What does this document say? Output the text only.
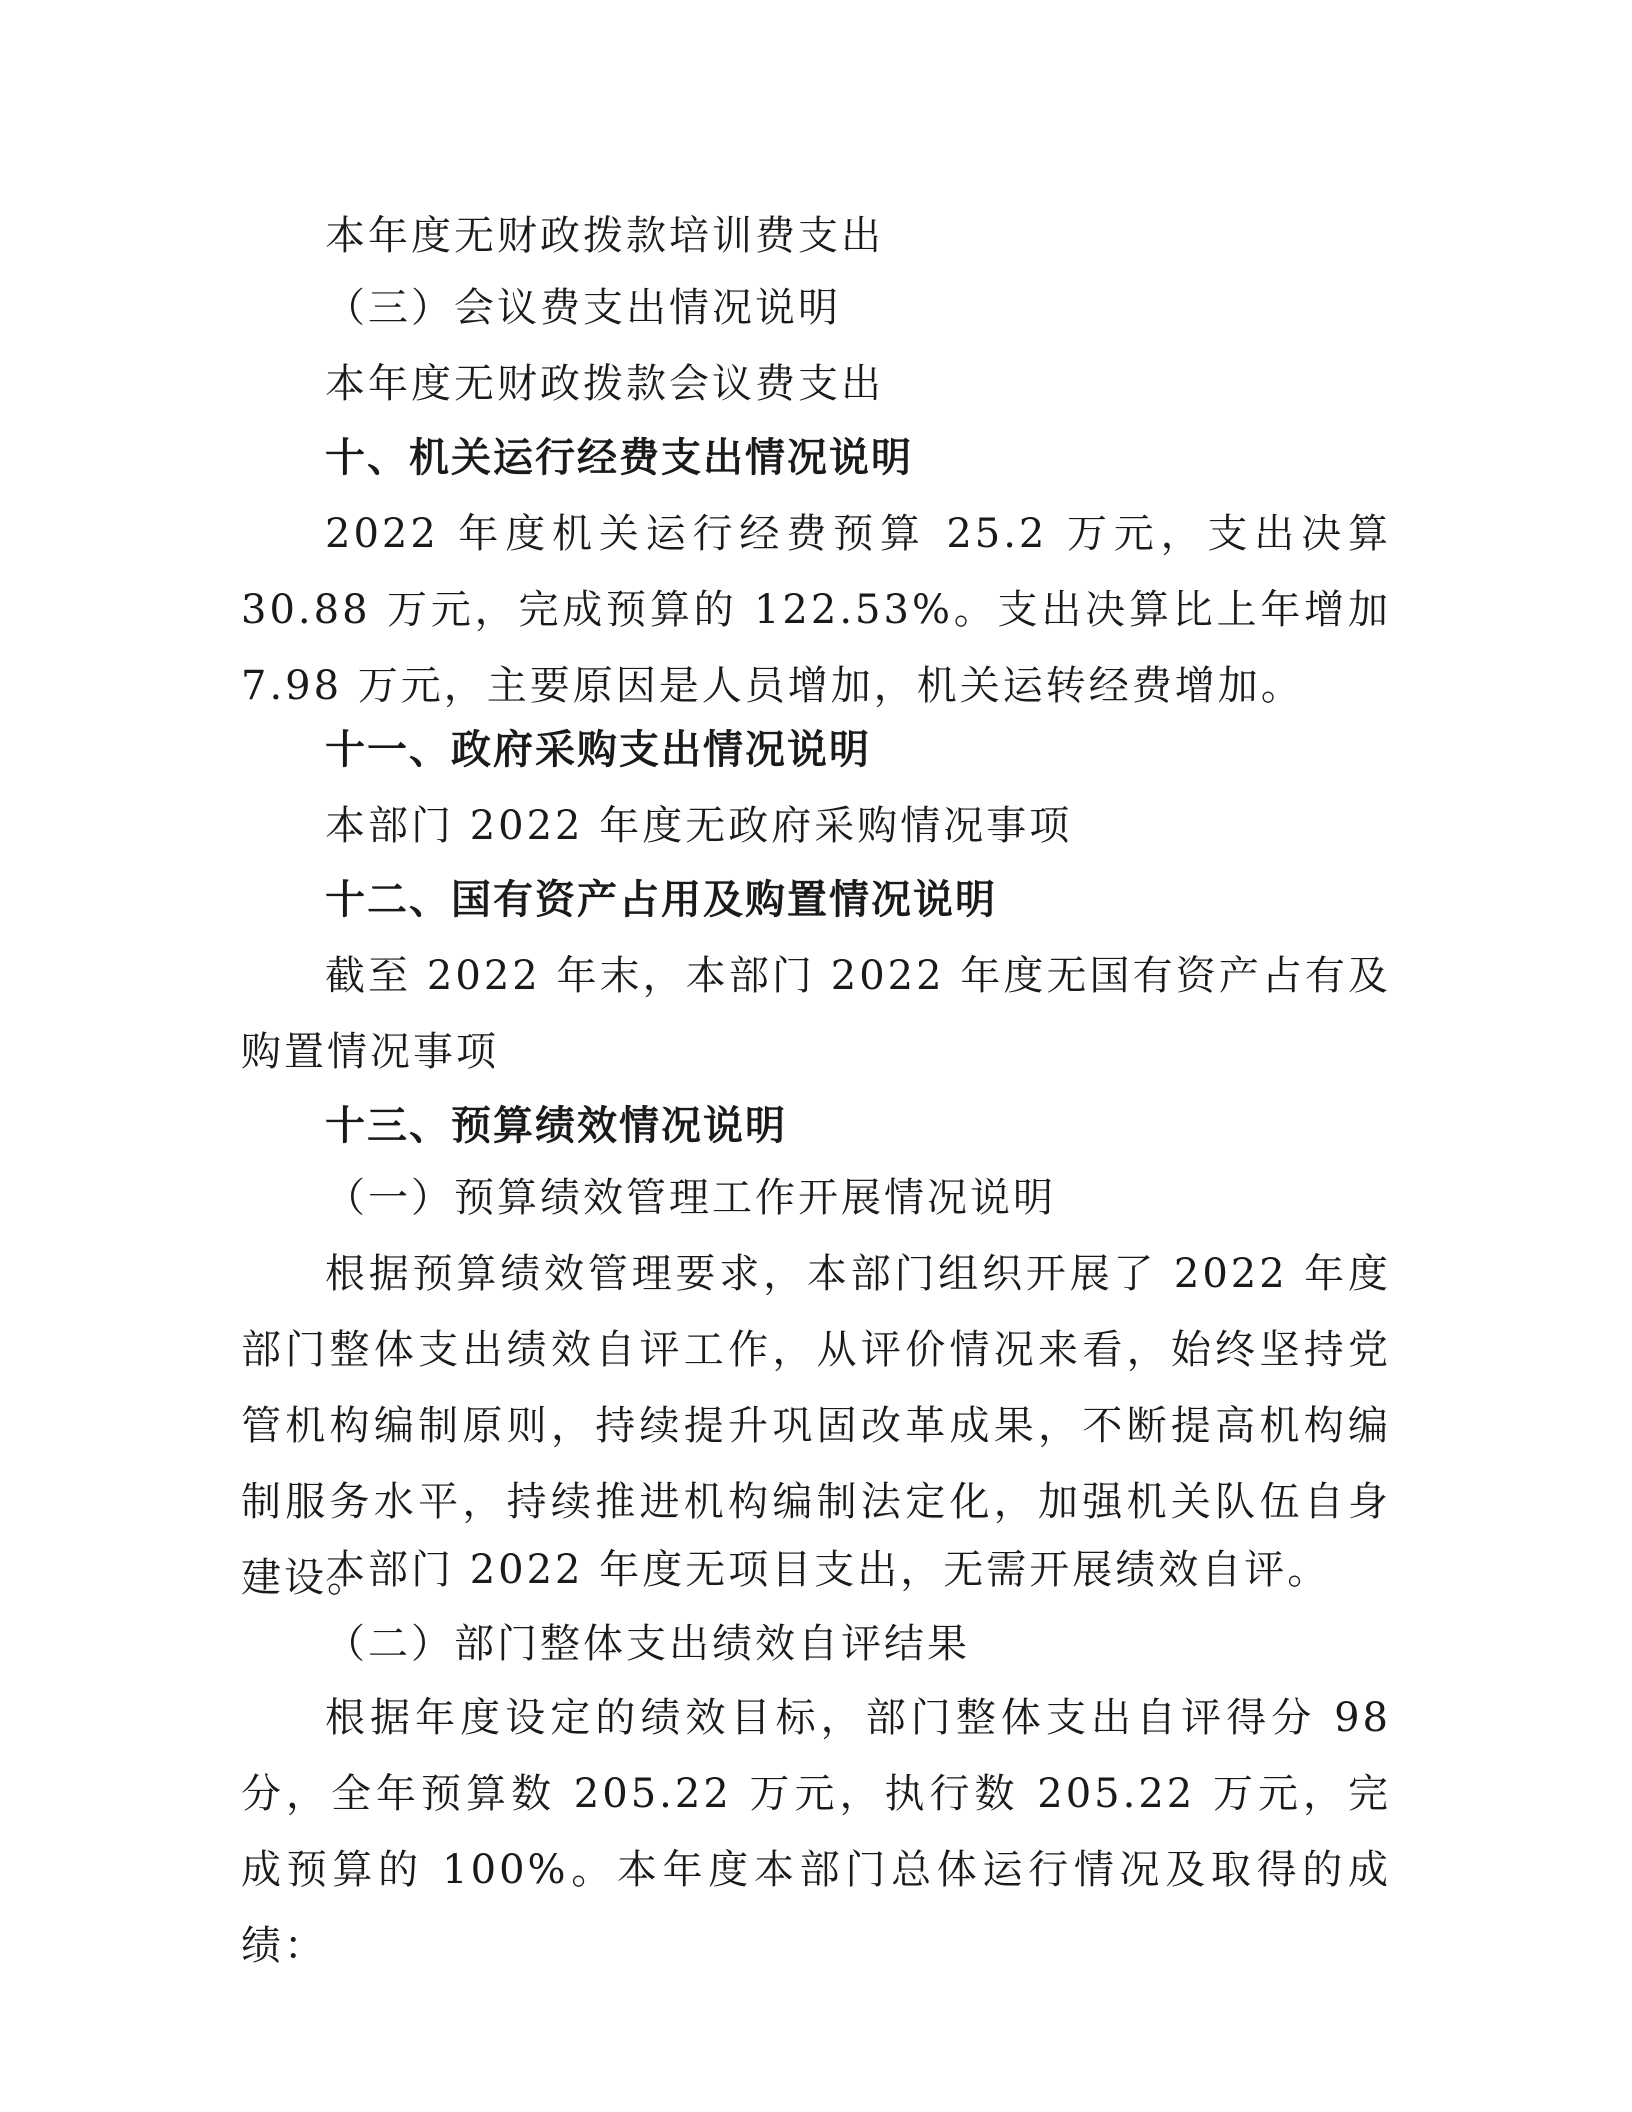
本年度无财政拨款培训费支出
（三）会议费支出情况说明
本年度无财政拨款会议费支出
十、机关运行经费支出情况说明
2022 年度机关运行经费预算 25.2 万元，支出决算 30.88 万元，完成预算的 122.53%。支出决算比上年增加 7.98 万元，主要原因是人员增加，机关运转经费增加。
十一、政府采购支出情况说明
本部门 2022 年度无政府采购情况事项
十二、国有资产占用及购置情况说明
截至 2022 年末，本部门 2022 年度无国有资产占有及购置情况事项
十三、预算绩效情况说明
（一）预算绩效管理工作开展情况说明
根据预算绩效管理要求，本部门组织开展了 2022 年度部门整体支出绩效自评工作，从评价情况来看，始终坚持党管机构编制原则，持续提升巩固改革成果，不断提高机构编制服务水平，持续推进机构编制法定化，加强机关队伍自身建设。
本部门 2022 年度无项目支出，无需开展绩效自评。
（二）部门整体支出绩效自评结果
根据年度设定的绩效目标，部门整体支出自评得分 98 分，全年预算数 205.22 万元，执行数 205.22 万元，完成预算的 100%。本年度本部门总体运行情况及取得的成绩：
